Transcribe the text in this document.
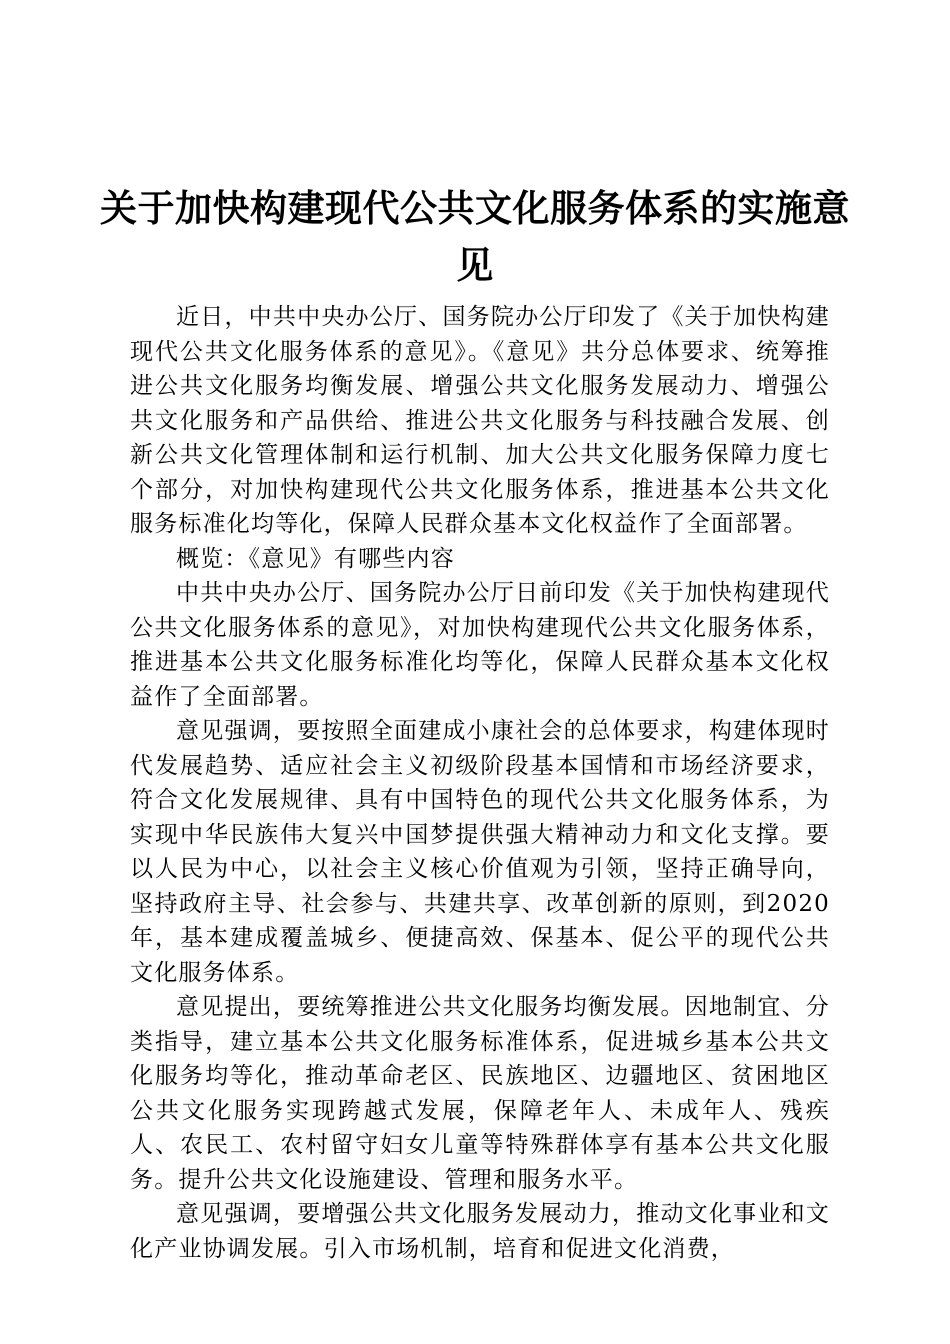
关于加快构建现代公共文化服务体系的实施意见

近日，中共中央办公厅、国务院办公厅印发了《关于加快构建现代公共文化服务体系的意见》。《意见》共分总体要求、统筹推进公共文化服务均衡发展、增强公共文化服务发展动力、增强公共文化服务和产品供给、推进公共文化服务与科技融合发展、创新公共文化管理体制和运行机制、加大公共文化服务保障力度七个部分，对加快构建现代公共文化服务体系，推进基本公共文化服务标准化均等化，保障人民群众基本文化权益作了全面部署。

概览：《意见》有哪些内容

中共中央办公厅、国务院办公厅日前印发《关于加快构建现代公共文化服务体系的意见》，对加快构建现代公共文化服务体系，推进基本公共文化服务标准化均等化，保障人民群众基本文化权益作了全面部署。

意见强调，要按照全面建成小康社会的总体要求，构建体现时代发展趋势、适应社会主义初级阶段基本国情和市场经济要求，符合文化发展规律、具有中国特色的现代公共文化服务体系，为实现中华民族伟大复兴中国梦提供强大精神动力和文化支撑。要以人民为中心，以社会主义核心价值观为引领，坚持正确导向，坚持政府主导、社会参与、共建共享、改革创新的原则，到2020年，基本建成覆盖城乡、便捷高效、保基本、促公平的现代公共文化服务体系。

意见提出，要统筹推进公共文化服务均衡发展。因地制宜、分类指导，建立基本公共文化服务标准体系，促进城乡基本公共文化服务均等化，推动革命老区、民族地区、边疆地区、贫困地区公共文化服务实现跨越式发展，保障老年人、未成年人、残疾人、农民工、农村留守妇女儿童等特殊群体享有基本公共文化服务。提升公共文化设施建设、管理和服务水平。

意见强调，要增强公共文化服务发展动力，推动文化事业和文化产业协调发展。引入市场机制，培育和促进文化消费，
